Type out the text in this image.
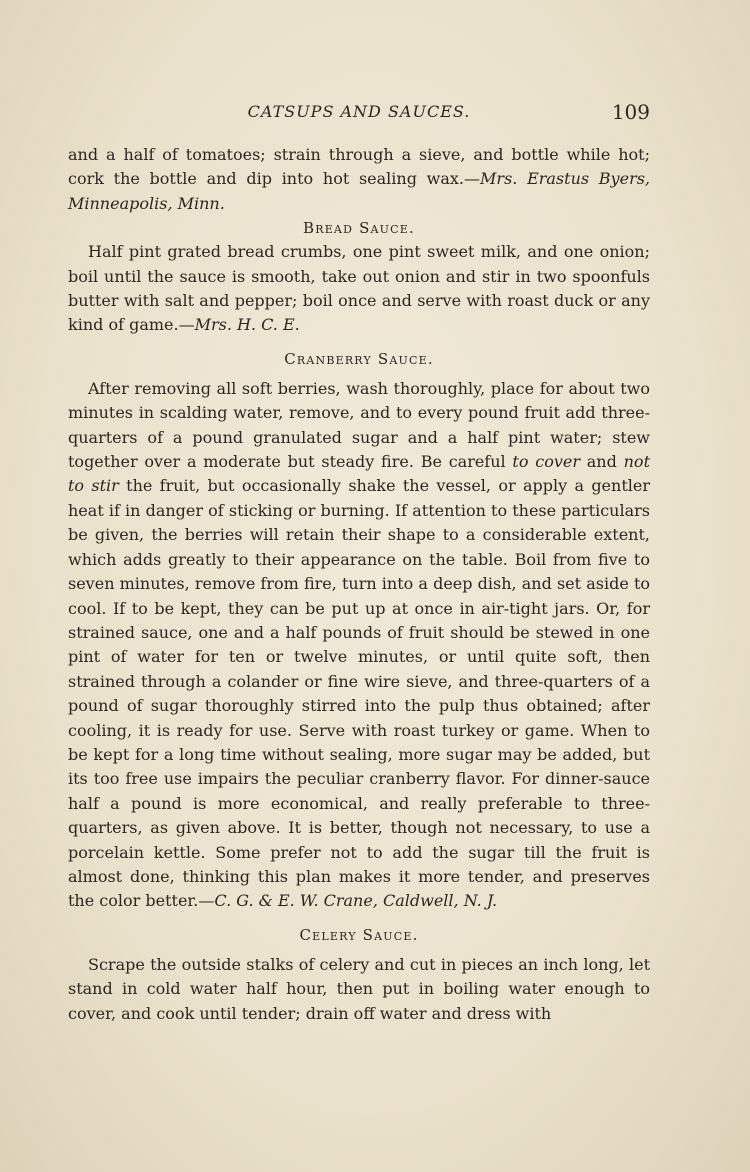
CATSUPS AND SAUCES.	109

and a half of tomatoes; strain through a sieve, and bottle while hot; cork the bottle and dip into hot sealing wax.—Mrs. Erastus Byers, Minneapolis, Minn.

Bread Sauce.

Half pint grated bread crumbs, one pint sweet milk, and one onion; boil until the sauce is smooth, take out onion and stir in two spoonfuls butter with salt and pepper; boil once and serve with roast duck or any kind of game.—Mrs. H. C. E.

Cranberry Sauce.

After removing all soft berries, wash thoroughly, place for about two minutes in scalding water, remove, and to every pound fruit add three-quarters of a pound granulated sugar and a half pint water; stew together over a moderate but steady fire. Be careful to cover and not to stir the fruit, but occasionally shake the vessel, or apply a gentler heat if in danger of sticking or burning. If attention to these particulars be given, the berries will retain their shape to a considerable extent, which adds greatly to their appearance on the table. Boil from five to seven minutes, remove from fire, turn into a deep dish, and set aside to cool. If to be kept, they can be put up at once in air-tight jars. Or, for strained sauce, one and a half pounds of fruit should be stewed in one pint of water for ten or twelve minutes, or until quite soft, then strained through a colander or fine wire sieve, and three-quarters of a pound of sugar thoroughly stirred into the pulp thus obtained; after cooling, it is ready for use. Serve with roast turkey or game. When to be kept for a long time without sealing, more sugar may be added, but its too free use impairs the peculiar cranberry flavor. For dinner-sauce half a pound is more economical, and really preferable to three-quarters, as given above. It is better, though not necessary, to use a porcelain kettle. Some prefer not to add the sugar till the fruit is almost done, thinking this plan makes it more tender, and preserves the color better.—C. G. & E. W. Crane, Caldwell, N. J.

Celery Sauce.

Scrape the outside stalks of celery and cut in pieces an inch long, let stand in cold water half hour, then put in boiling water enough to cover, and cook until tender; drain off water and dress with
